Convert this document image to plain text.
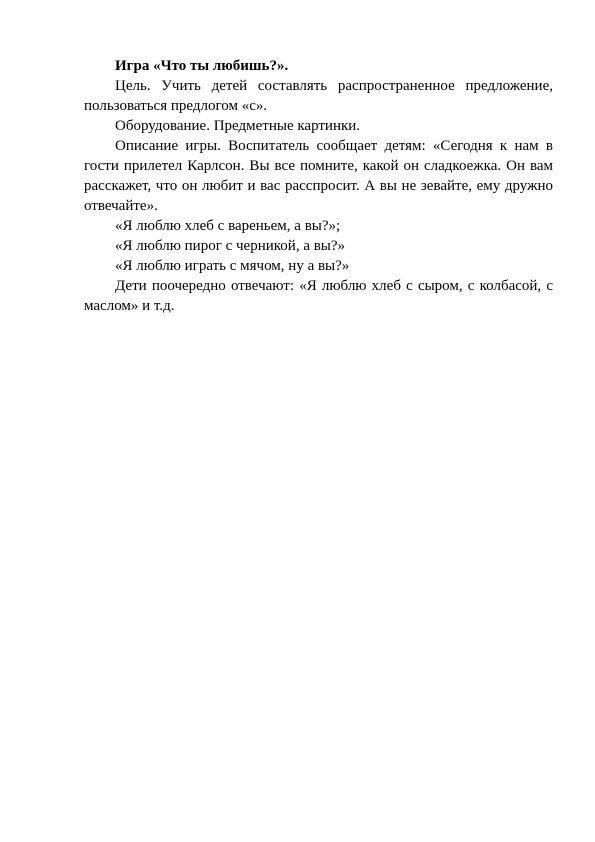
Игра «Что ты любишь?».

Цель. Учить детей составлять распространенное предложение, пользоваться предлогом «с».

Оборудование. Предметные картинки.

Описание игры. Воспитатель сообщает детям: «Сегодня к нам в гости прилетел Карлсон. Вы все помните, какой он сладкоежка. Он вам расскажет, что он любит и вас расспросит. А вы не зевайте, ему дружно отвечайте».

«Я люблю хлеб с вареньем, а вы?»;

«Я люблю пирог с черникой, а вы?»

«Я люблю играть с мячом, ну а вы?»

Дети поочередно отвечают: «Я люблю хлеб с сыром, с колбасой, с маслом» и т.д.
